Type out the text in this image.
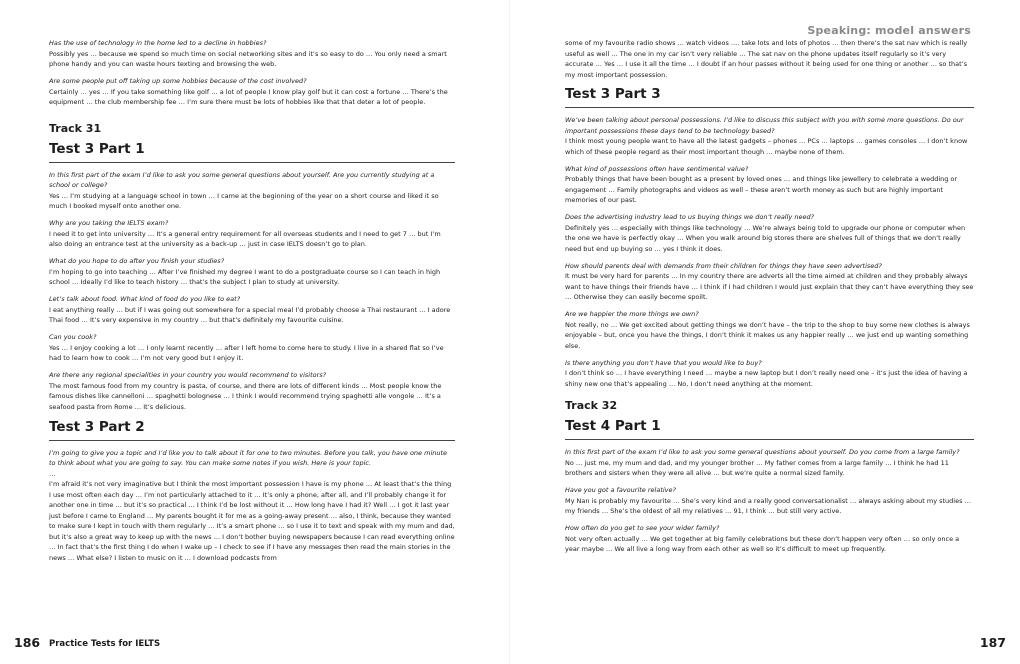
Has the use of technology in the home led to a decline in hobbies?

Possibly yes … because we spend so much time on social networking sites and it’s so easy to do … You only need a smart phone handy and you can waste hours texting and browsing the web.

Are some people put off taking up some hobbies because of the cost involved?

Certainly … yes … If you take something like golf … a lot of people I know play golf but it can cost a fortune … There’s the equipment … the club membership fee … I’m sure there must be lots of hobbies like that that deter a lot of people.

Track 31
Test 3 Part 1

In this first part of the exam I’d like to ask you some general questions about yourself. Are you currently studying at a school or college?

Yes … I’m studying at a language school in town … I came at the beginning of the year on a short course and liked it so much I booked myself onto another one.

Why are you taking the IELTS exam?

I need it to get into university … It’s a general entry requirement for all overseas students and I need to get 7 … but I’m also doing an entrance test at the university as a back-up … just in case IELTS doesn’t go to plan.

What do you hope to do after you finish your studies?

I’m hoping to go into teaching … After I’ve finished my degree I want to do a postgraduate course so I can teach in high school … Ideally I’d like to teach history … that’s the subject I plan to study at university.

Let’s talk about food. What kind of food do you like to eat?

I eat anything really … but if I was going out somewhere for a special meal I’d probably choose a Thai restaurant … I adore Thai food … It’s very expensive in my country … but that’s definitely my favourite cuisine.

Can you cook?

Yes … I enjoy cooking a lot … I only learnt recently … after I left home to come here to study. I live in a shared flat so I’ve had to learn how to cook … I’m not very good but I enjoy it.

Are there any regional specialities in your country you would recommend to visitors?

The most famous food from my country is pasta, of course, and there are lots of different kinds … Most people know the famous dishes like cannelloni … spaghetti bolognese … I think I would recommend trying spaghetti alle vongole … It’s a seafood pasta from Rome … It’s delicious.

Test 3 Part 2

I’m going to give you a topic and I’d like you to talk about it for one to two minutes. Before you talk, you have one minute to think about what you are going to say. You can make some notes if you wish. Here is your topic.

…

I’m afraid it’s not very imaginative but I think the most important possession I have is my phone … At least that’s the thing I use most often each day … I’m not particularly attached to it … It’s only a phone, after all, and I’ll probably change it for another one in time … but it’s so practical … I think I’d be lost without it … How long have I had it? Well … I got it last year just before I came to England … My parents bought it for me as a going-away present … also, I think, because they wanted to make sure I kept in touch with them regularly … It’s a smart phone … so I use it to text and speak with my mum and dad, but it’s also a great way to keep up with the news … I don’t bother buying newspapers because I can read everything online … In fact that’s the first thing I do when I wake up – I check to see if I have any messages then read the main stories in the news … What else? I listen to music on it … I download podcasts from

186 Practice Tests for IELTS
Speaking: model answers

some of my favourite radio shows … watch videos …. take lots and lots of photos … then there’s the sat nav which is really useful as well … The one in my car isn’t very reliable … The sat nav on the phone updates itself regularly so it’s very accurate … Yes … I use it all the time … I doubt if an hour passes without it being used for one thing or another … so that’s my most important possession.

Test 3 Part 3

We’ve been talking about personal possessions. I’d like to discuss this subject with you with some more questions. Do our important possessions these days tend to be technology based?

I think most young people want to have all the latest gadgets – phones … PCs … laptops … games consoles … I don’t know which of these people regard as their most important though … maybe none of them.

What kind of possessions often have sentimental value?

Probably things that have been bought as a present by loved ones … and things like jewellery to celebrate a wedding or engagement … Family photographs and videos as well – these aren’t worth money as such but are highly important memories of our past.

Does the advertising industry lead to us buying things we don’t really need?

Definitely yes … especially with things like technology … We’re always being told to upgrade our phone or computer when the one we have is perfectly okay … When you walk around big stores there are shelves full of things that we don’t really need but end up buying so … yes I think it does.

How should parents deal with demands from their children for things they have seen advertised?

It must be very hard for parents … In my country there are adverts all the time aimed at children and they probably always want to have things their friends have … I think if I had children I would just explain that they can’t have everything they see … Otherwise they can easily become spoilt.

Are we happier the more things we own?

Not really, no … We get excited about getting things we don’t have – the trip to the shop to buy some new clothes is always enjoyable – but, once you have the things, I don’t think it makes us any happier really … we just end up wanting something else.

Is there anything you don’t have that you would like to buy?

I don’t think so … I have everything I need … maybe a new laptop but I don’t really need one – it’s just the idea of having a shiny new one that’s appealing … No, I don’t need anything at the moment.

Track 32
Test 4 Part 1

In this first part of the exam I’d like to ask you some general questions about yourself. Do you come from a large family?

No … just me, my mum and dad, and my younger brother … My father comes from a large family … I think he had 11 brothers and sisters when they were all alive … but we’re quite a normal sized family.

Have you got a favourite relative?

My Nan is probably my favourite … She’s very kind and a really good conversationalist … always asking about my studies … my friends … She’s the oldest of all my relatives … 91, I think … but still very active.

How often do you get to see your wider family?

Not very often actually … We get together at big family celebrations but these don’t happen very often … so only once a year maybe … We all live a long way from each other as well so it’s difficult to meet up frequently.

187
